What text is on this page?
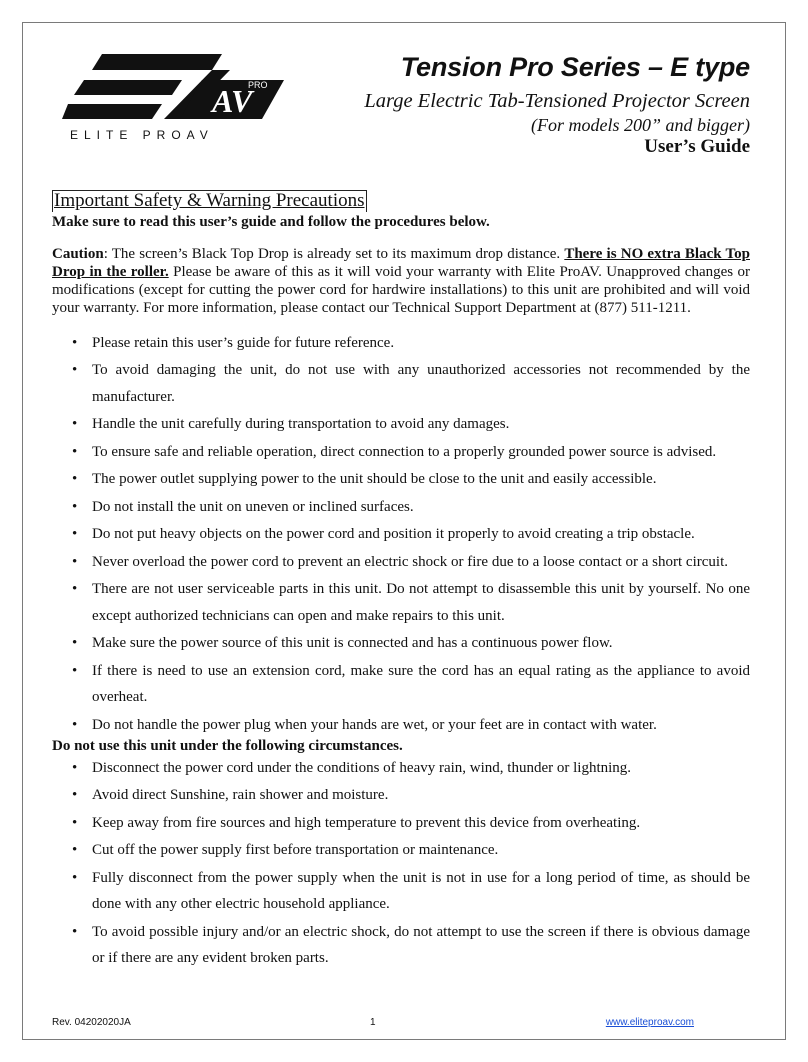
AV
PRO
ELITE PROAV
Tension Pro Series – E type
Large Electric Tab-Tensioned Projector Screen
(For models 200” and bigger)
User’s Guide
Important Safety & Warning Precautions

Make sure to read this user’s guide and follow the procedures below.

Caution: The screen’s Black Top Drop is already set to its maximum drop distance. There is NO extra Black Top Drop in the roller. Please be aware of this as it will void your warranty with Elite ProAV. Unapproved changes or modifications (except for cutting the power cord for hardwire installations) to this unit are prohibited and will void your warranty. For more information, please contact our Technical Support Department at (877) 511-1211.

• Please retain this user’s guide for future reference.
• To avoid damaging the unit, do not use with any unauthorized accessories not recommended by the manufacturer.
• Handle the unit carefully during transportation to avoid any damages.
• To ensure safe and reliable operation, direct connection to a properly grounded power source is advised.
• The power outlet supplying power to the unit should be close to the unit and easily accessible.
• Do not install the unit on uneven or inclined surfaces.
• Do not put heavy objects on the power cord and position it properly to avoid creating a trip obstacle.
• Never overload the power cord to prevent an electric shock or fire due to a loose contact or a short circuit.
• There are not user serviceable parts in this unit. Do not attempt to disassemble this unit by yourself. No one except authorized technicians can open and make repairs to this unit.
• Make sure the power source of this unit is connected and has a continuous power flow.
• If there is need to use an extension cord, make sure the cord has an equal rating as the appliance to avoid overheat.
• Do not handle the power plug when your hands are wet, or your feet are in contact with water.

Do not use this unit under the following circumstances.

• Disconnect the power cord under the conditions of heavy rain, wind, thunder or lightning.
• Avoid direct Sunshine, rain shower and moisture.
• Keep away from fire sources and high temperature to prevent this device from overheating.
• Cut off the power supply first before transportation or maintenance.
• Fully disconnect from the power supply when the unit is not in use for a long period of time, as should be done with any other electric household appliance.
• To avoid possible injury and/or an electric shock, do not attempt to use the screen if there is obvious damage or if there are any evident broken parts.
Rev. 04202020JA	1	www.eliteproav.com
